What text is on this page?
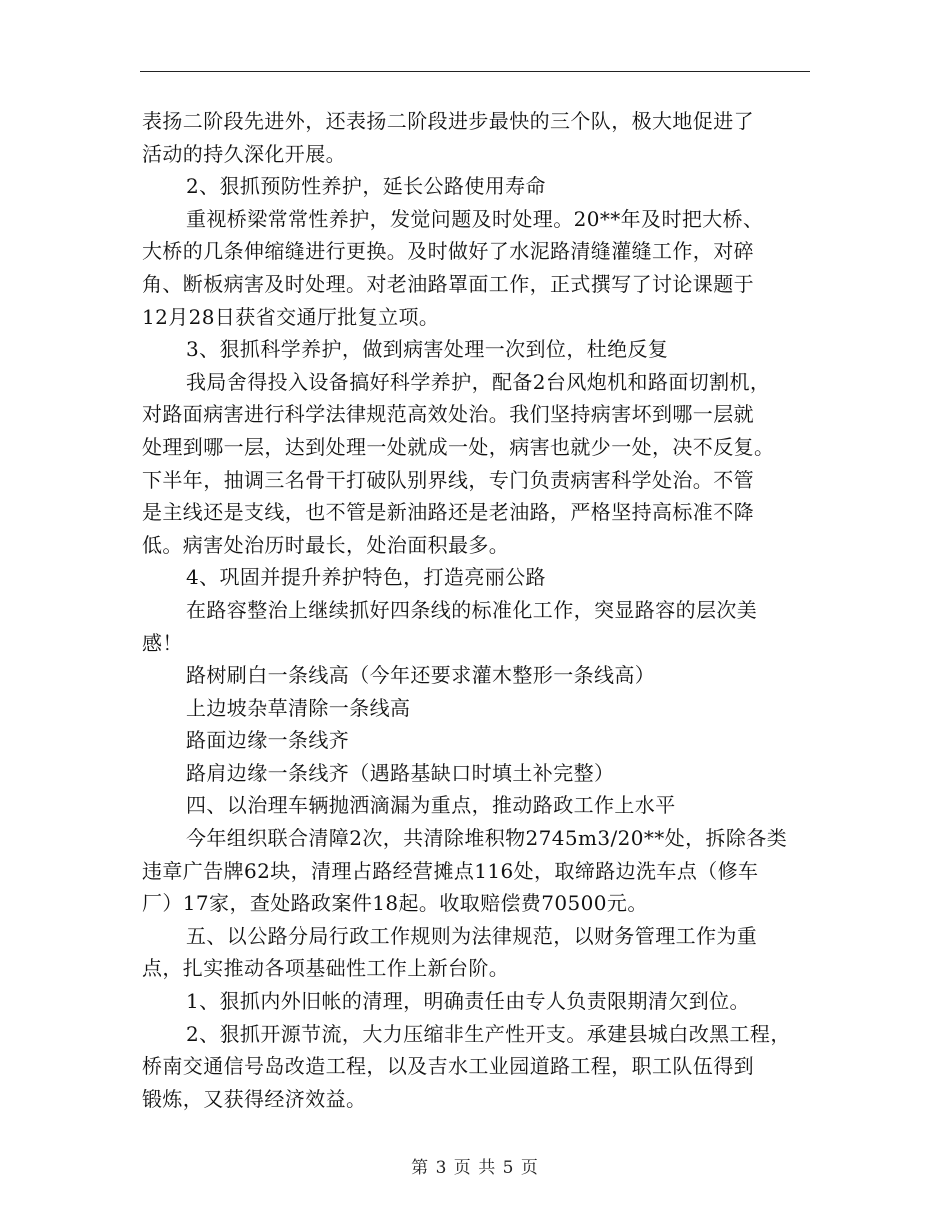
表扬二阶段先进外，还表扬二阶段进步最快的三个队，极大地促进了
活动的持久深化开展。
2、狠抓预防性养护，延长公路使用寿命
重视桥梁常常性养护，发觉问题及时处理。20**年及时把大桥、
大桥的几条伸缩缝进行更换。及时做好了水泥路清缝灌缝工作，对碎
角、断板病害及时处理。对老油路罩面工作，正式撰写了讨论课题于
12月28日获省交通厅批复立项。
3、狠抓科学养护，做到病害处理一次到位，杜绝反复
我局舍得投入设备搞好科学养护，配备2台风炮机和路面切割机，
对路面病害进行科学法律规范高效处治。我们坚持病害坏到哪一层就
处理到哪一层，达到处理一处就成一处，病害也就少一处，决不反复。
下半年，抽调三名骨干打破队别界线，专门负责病害科学处治。不管
是主线还是支线，也不管是新油路还是老油路，严格坚持高标准不降
低。病害处治历时最长，处治面积最多。
4、巩固并提升养护特色，打造亮丽公路
在路容整治上继续抓好四条线的标准化工作，突显路容的层次美
感！
路树刷白一条线高（今年还要求灌木整形一条线高）
上边坡杂草清除一条线高
路面边缘一条线齐
路肩边缘一条线齐（遇路基缺口时填土补完整）
四、以治理车辆抛洒滴漏为重点，推动路政工作上水平
今年组织联合清障2次，共清除堆积物2745m3/20**处，拆除各类
违章广告牌62块，清理占路经营摊点116处，取缔路边洗车点（修车
厂）17家，查处路政案件18起。收取赔偿费70500元。
五、以公路分局行政工作规则为法律规范，以财务管理工作为重
点，扎实推动各项基础性工作上新台阶。
1、狠抓内外旧帐的清理，明确责任由专人负责限期清欠到位。
2、狠抓开源节流，大力压缩非生产性开支。承建县城白改黑工程，
桥南交通信号岛改造工程，以及吉水工业园道路工程，职工队伍得到
锻炼，又获得经济效益。
第 3 页 共 5 页
